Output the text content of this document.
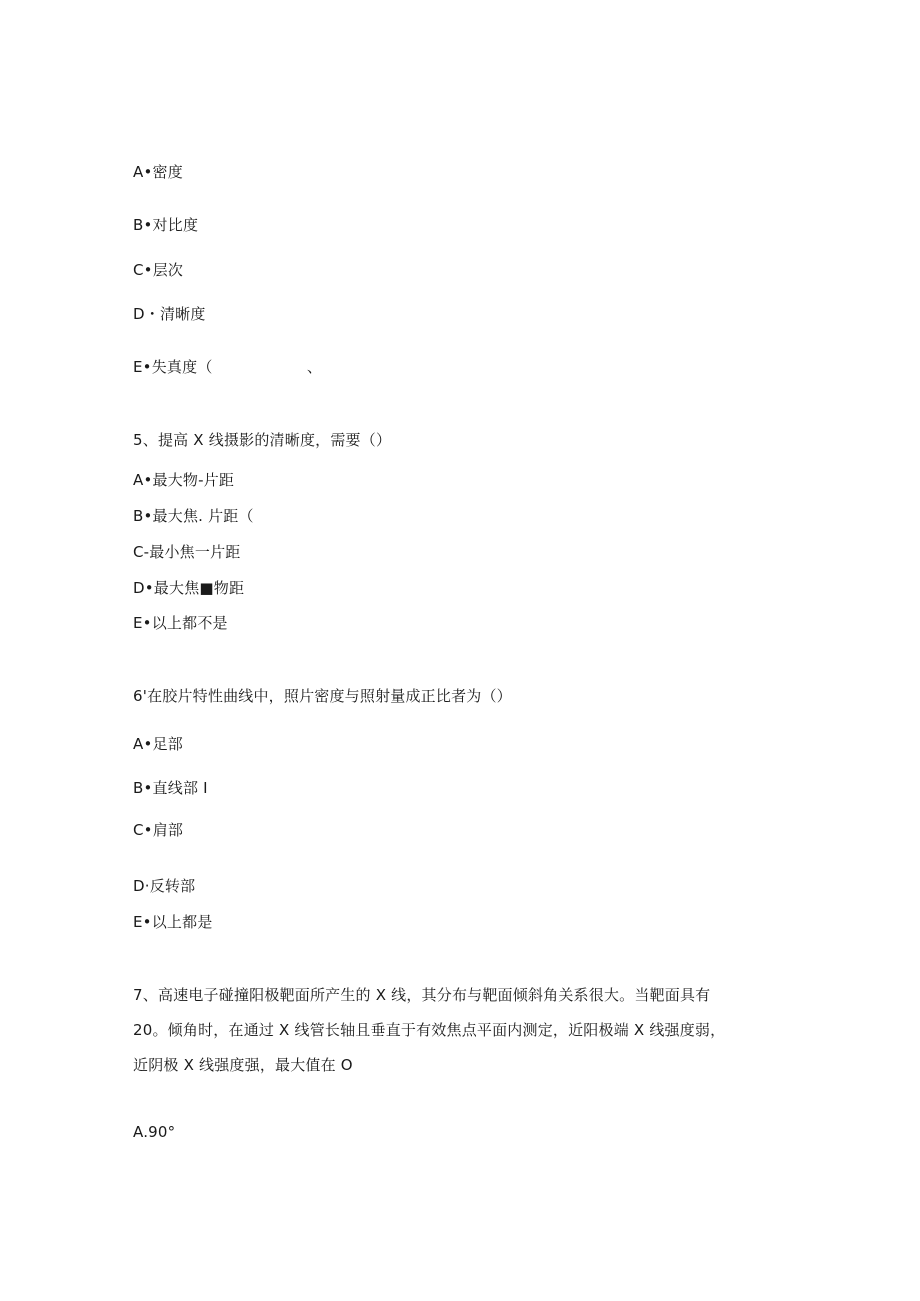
A•密度
B•对比度
C•层次
D・清晰度
E•失真度（                   、
5、提高 X 线摄影的清晰度，需要（）
A•最大物-片距
B•最大焦. 片距（
C-最小焦一片距
D•最大焦■物距
E•以上都不是
6'在胶片特性曲线中，照片密度与照射量成正比者为（）
A•足部
B•直线部 I
C•肩部
D·反转部
E•以上都是
7、高速电子碰撞阳极靶面所产生的 X 线，其分布与靶面倾斜角关系很大。当靶面具有
20。倾角时，在通过 X 线管长轴且垂直于有效焦点平面内测定，近阳极端 X 线强度弱，
近阴极 X 线强度强，最大值在 O
A.90°
